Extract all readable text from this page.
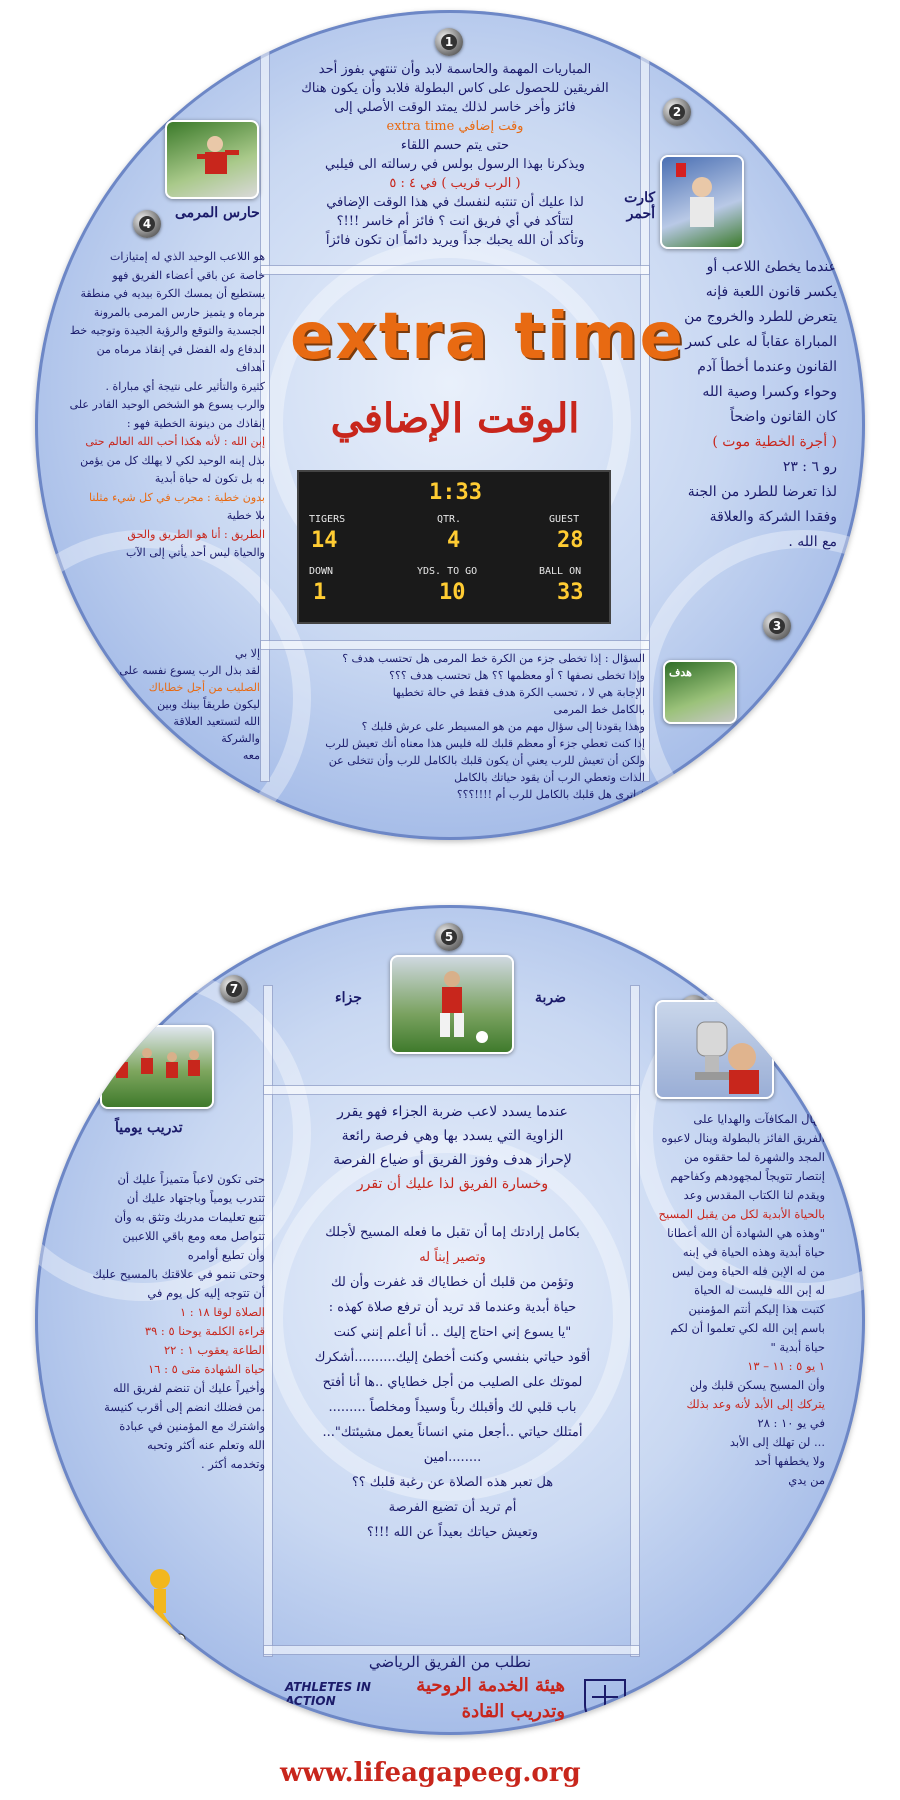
1
2
3
4
المباريات المهمة والحاسمة لابد وأن تنتهي بفوز أحد
الفريقين للحصول على كاس البطولة فلابد وأن يكون هناك
فائز وأخر خاسر لذلك يمتد الوقت الأصلي إلى
وقت إضافي extra time
حتى يتم حسم اللقاء
ويذكرنا بهذا الرسول بولس في رسالته الى فيلبي
( الرب قريب ) في ٤ : ٥
لذا عليك أن تنتبه لنفسك في هذا الوقت الإضافي
لتتأكد في أي فريق انت ؟ فائز أم خاسر !!!؟
وتأكد أن الله يحبك جداً ويريد دائماً ان تكون فائزاً
extra time
الوقت الإضافي
1:33
TIGERS	QTR.	GUEST
14	4	28
DOWN	YDS. TO GO	BALL ON
1	10	33
حارس المرمى
هو اللاعب الوحيد الذي له إمتيازات
خاصة عن باقي أعضاء الفريق فهو
يستطيع أن يمسك الكرة بيديه في منطقة
مرماه و يتميز حارس المرمى بالمرونة
الجسدية والتوقع والرؤية الجيدة وتوجيه خط
الدفاع وله الفضل في إنقاذ مرماه من أهداف
كثيرة والتأثير على نتيجة أي مباراة .
والرب يسوع هو الشخص الوحيد القادر على
إنقاذك من دينونة الخطية فهو :
إبن الله : لأنه هكذا أحب الله العالم حتى
بذل إبنه الوحيد لكي لا يهلك كل من يؤمن
به بل تكون له حياة أبدية
بدون خطية : مجرب في كل شيء مثلنا
بلا خطية
الطريق : أنا هو الطريق والحق
والحياة ليس أحد يأتي إلى الآب
إلا بي
لقد بذل الرب يسوع نفسه على
الصليب من أجل خطاياك
ليكون طريقاً بينك وبين
الله لتستعيد العلاقة
والشركة
معه
كارت أحمر
عندما يخطئ اللاعب أو
يكسر قانون اللعبة فإنه
يتعرض للطرد والخروج من
المباراة عقاباً له على كسر
القانون وعندما أخطأ آدم
وحواء وكسرا وصية الله
كان القانون واضحاً
( أجرة الخطية موت )
رو ٦ : ٢٣
لذا تعرضا للطرد من الجنة
وفقدا الشركة والعلاقة
مع الله .
هدف
السؤال : إذا تخطى جزء من الكرة خط المرمى هل تحتسب هدف ؟
وإذا تخطى نصفها ؟ أو معظمها ؟؟ هل تحتسب هدف ؟؟؟
الإجابة هي لا ، تحسب الكرة هدف فقط في حالة تخطيها
بالكامل خط المرمى
وهذا يقودنا إلى سؤال مهم من هو المسيطر على عرش قلبك ؟
إذا كنت تعطي جزء أو معظم قلبك لله فليس هذا معناه أنك تعيش للرب
ولكن أن تعيش للرب يعني أن يكون قلبك بالكامل للرب وأن تتخلى عن
الذات وتعطي الرب أن يقود حياتك بالكامل
فياترى هل قلبك بالكامل للرب أم !!!!؟؟؟
5
7
ضربة
جزاء
عندما يسدد لاعب ضربة الجزاء فهو يقرر
الزاوية التي يسدد بها وهي فرصة رائعة
لإحراز هدف وفوز الفريق أو ضياع الفرصة
وخسارة الفريق لذا عليك أن تقرر
بكامل إرادتك إما أن تقبل ما فعله المسيح لأجلك
وتصير إبناً له
وتؤمن من قلبك أن خطاياك قد غفرت وأن لك
حياة أبدية وعندما قد تريد أن ترفع صلاة كهذه :
"يا يسوع إني احتاج إليك .. أنا أعلم إنني كنت
أقود حياتي بنفسي وكنت أخطئ إليك..........أشكرك
لموتك على الصليب من أجل خطاياي ..ها أنا أفتح
باب قلبي لك وأقبلك رباً وسيداً ومخلصاً .........
أمتلك حياتي ..أجعل مني انساناً يعمل مشيئتك"...
........امين
هل تعبر هذه الصلاة عن رغبة قلبك ؟؟
أم تريد أن تضيع الفرصة
وتعيش حياتك بعيداً عن الله !!!؟
تدريب يومياً
حتى تكون لاعباً متميزاً عليك أن
تتدرب يومياً وباجتهاد عليك أن
تتبع تعليمات مدربك وتثق به وأن
تتواصل معه ومع باقي اللاعبين
وأن تطيع أوامره
وحتى تنمو في علاقتك بالمسيح عليك
أن تتوجه إليه كل يوم في
الصلاة لوقا ١٨ : ١
قراءة الكلمة يوحنا ٥ : ٣٩
الطاعة يعقوب ١ : ٢٢
حياة الشهادة متى ٥ : ١٦
وأخيراً عليك أن تنضم لفريق الله
.من فضلك انضم إلى أقرب كنيسة
واشترك مع المؤمنين في عبادة
الله وتعلم عنه أكثر وتحبه
وتخدمه أكثر .
تنهال المكافآت والهدايا على
الفريق الفائز بالبطولة وينال لاعبوه
المجد والشهرة لما حققوه من
إنتصار تتويجاً لمجهودهم وكفاحهم
ويقدم لنا الكتاب المقدس وعد
بالحياة الأبدية لكل من يقبل المسيح
"وهذه هي الشهادة أن الله أعطانا
حياة أبدية وهذه الحياة في إبنه
من له الإبن فله الحياة ومن ليس
له إبن الله فليست له الحياة
كتبت هذا إليكم أنتم المؤمنين
باسم إبن الله لكي تعلموا أن لكم
حياة أبدية "
١ يو ٥ : ١١ – ١٣
وأن المسيح يسكن قلبك ولن
يتركك إلى الأبد لأنه وعد بذلك
في يو ١٠ : ٢٨
... لن تهلك إلى الأبد
ولا يخطفها أحد
من يدي
نطلب من الفريق الرياضي
ATHLETES IN ACTION
هيئة الخدمة الروحية
وتدريب القادة
www.lifeagapeeg.org
